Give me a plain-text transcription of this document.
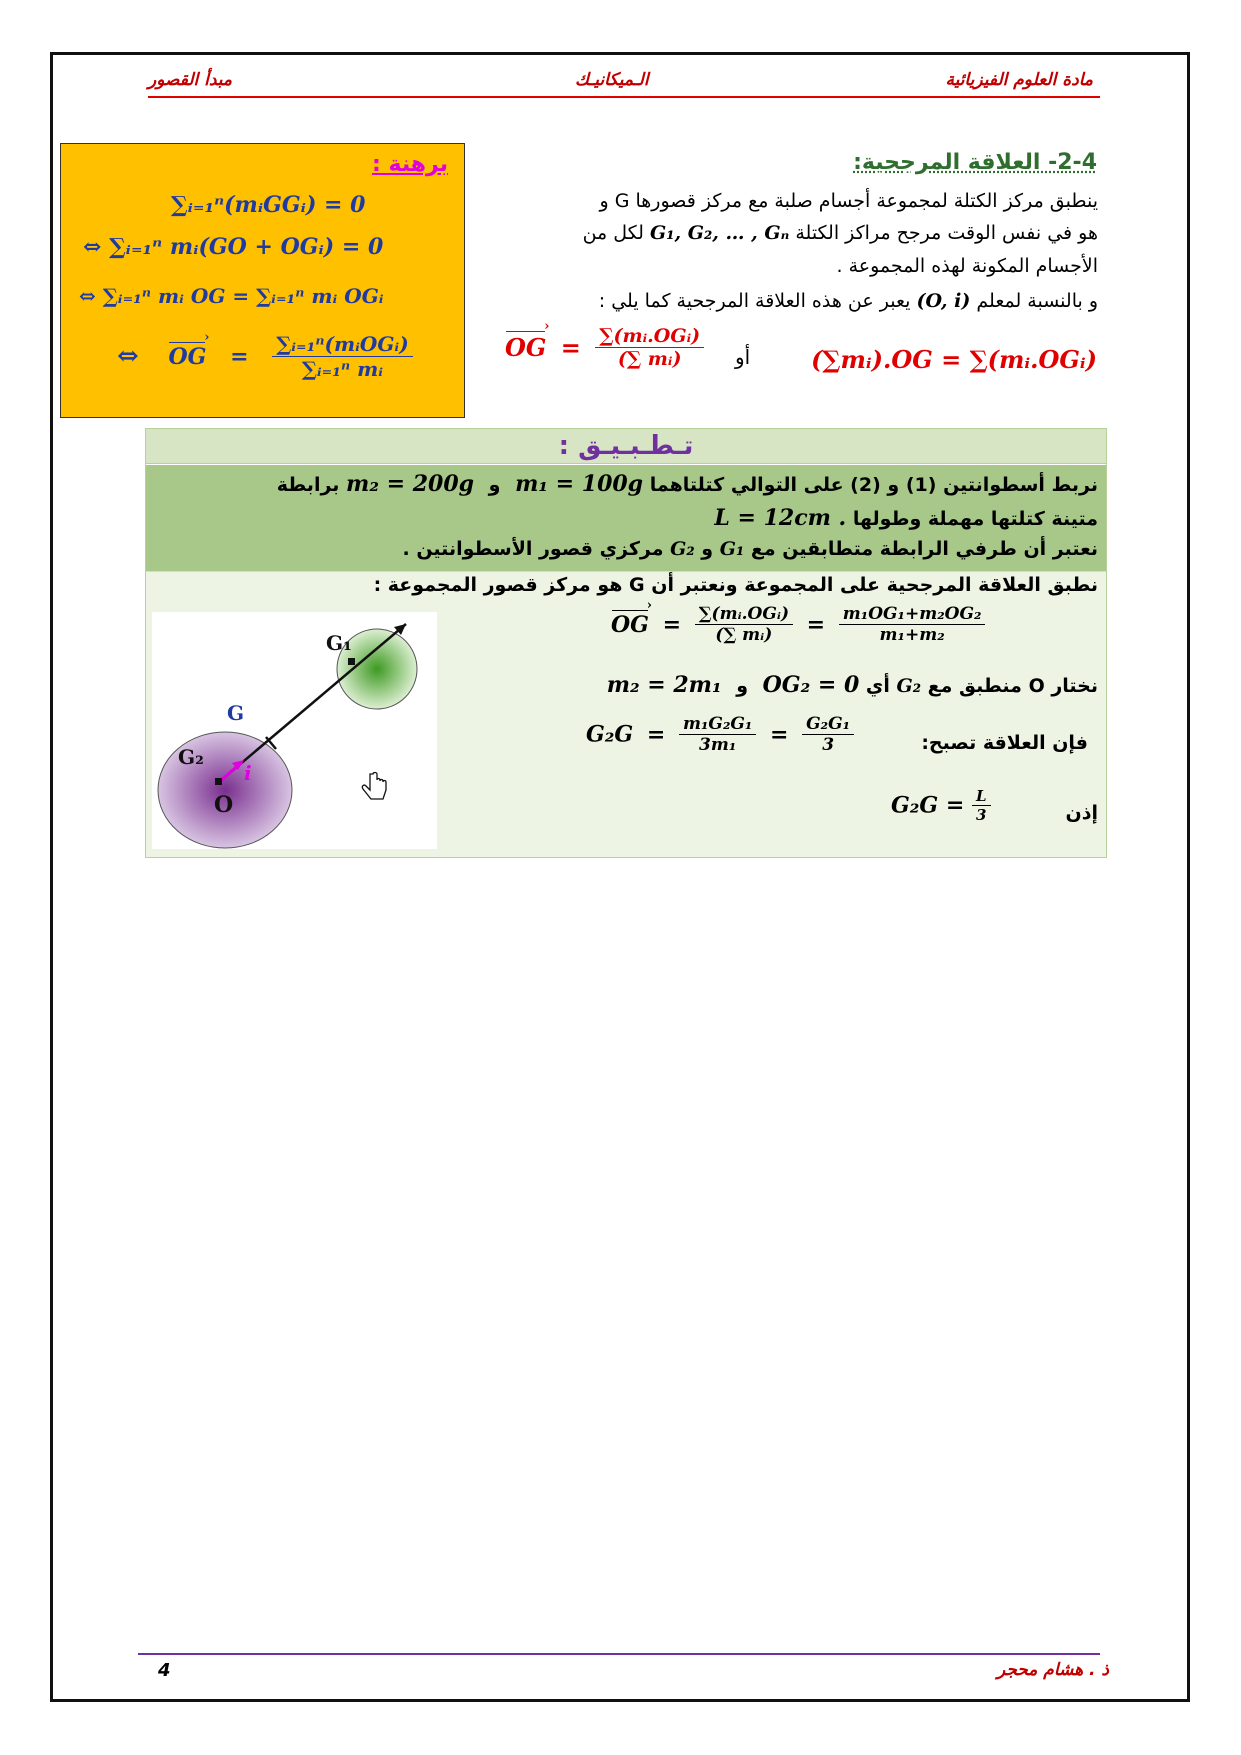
مادة العلوم الفيزيائية
الـميكانيـك
مبدأ القصور
برهنة :
∑ᵢ₌₁ⁿ(mᵢGGᵢ) = 0
⇔ ∑ᵢ₌₁ⁿ mᵢ(GO + OGᵢ) = 0
⇔ ∑ᵢ₌₁ⁿ mᵢ OG = ∑ᵢ₌₁ⁿ mᵢ OGᵢ
⇔ OG › = $\frac{\text{∑ᵢ₌₁ⁿ(mᵢOGᵢ)}}{\text{∑ᵢ₌₁ⁿ mᵢ}}$
2-4- العلاقة المرجحية:
ينطبق مركز الكتلة لمجموعة أجسام صلبة مع مركز قصورها G و
هو في نفس الوقت مرجح مراكز الكتلة G₁, G₂, … , Gₙ لكل من
الأجسام المكونة لهذه المجموعة .
و بالنسبة لمعلم (O, i) يعبر عن هذه العلاقة المرجحية كما يلي :
(∑mᵢ).OG = ∑(mᵢ.OGᵢ)
أو
OG › = $\frac{\text{∑(mᵢ.OGᵢ)}}{\text{(∑ mᵢ)}}$
تـطـبـيـق :
نربط أسطوانتين (1) و (2) على التوالي كتلتاهما m₁ = 100g و m₂ = 200g برابطة
متينة كتلتها مهملة وطولها L = 12cm .
نعتبر أن طرفي الرابطة متطابقين مع G₁ و G₂ مركزي قصور الأسطوانتين .
نطبق العلاقة المرجحية على المجموعة ونعتبر أن G هو مركز قصور المجموعة :
OG › = $\frac{\text{∑(mᵢ.OGᵢ)}}{\text{(∑ mᵢ)}} = \frac{\text{m₁OG₁+m₂OG₂}}{\text{m₁+m₂}}$
نختار O منطبق مع G₂ أي OG₂ = 0 و m₂ = 2m₁
فإن العلاقة تصبح:
$G_2G = \frac{\text{m₁G₂G₁}}{\text{3m₁}} = \frac{\text{G₂G₁}}{3}$
إذن
$G_2G = \frac{L}{3}$
G₁
G
G₂
O
i
4	ذ . هشام محجر
